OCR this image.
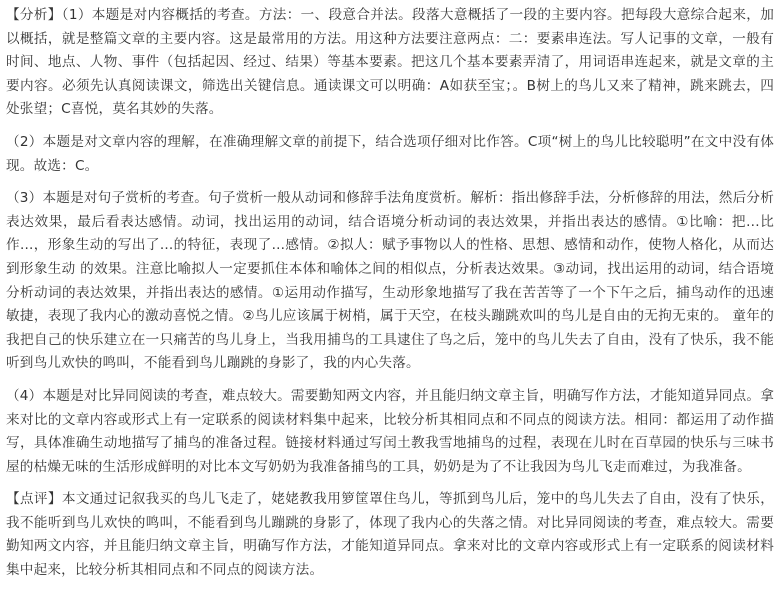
【分析】（1）本题是对内容概括的考查。方法：一、段意合并法。段落大意概括了一段的主要内容。把每段大意综合起来，加以概括，就是整篇文章的主要内容。这是最常用的方法。用这种方法要注意两点：二：要素串连法。写人记事的文章，一般有时间、地点、人物、事件（包括起因、经过、结果）等基本要素。把这几个基本要素弄清了，用词语串连起来，就是文章的主要内容。必须先认真阅读课文，筛选出关键信息。通读课文可以明确：A如获至宝；。B树上的鸟儿又来了精神，跳来跳去，四处张望；C喜悦，莫名其妙的失落。

（2）本题是对文章内容的理解，在准确理解文章的前提下，结合选项仔细对比作答。C项“树上的鸟儿比较聪明”在文中没有体现。故选：C。

（3）本题是对句子赏析的考查。句子赏析一般从动词和修辞手法角度赏析。解析：指出修辞手法，分析修辞的用法，然后分析表达效果，最后看表达感情。动词，找出运用的动词，结合语境分析动词的表达效果，并指出表达的感情。①比喻：把...比作...，形象生动的写出了...的特征，表现了...感情。②拟人：赋予事物以人的性格、思想、感情和动作，使物人格化，从而达到形象生动 的效果。注意比喻拟人一定要抓住本体和喻体之间的相似点，分析表达效果。③动词，找出运用的动词，结合语境分析动词的表达效果，并指出表达的感情。①运用动作描写，生动形象地描写了我在苦苦等了一个下午之后，捕鸟动作的迅速敏捷，表现了我内心的激动喜悦之情。②鸟儿应该属于树梢，属于天空，在枝头蹦跳欢叫的鸟儿是自由的无拘无束的。 童年的我把自己的快乐建立在一只痛苦的鸟儿身上，当我用捕鸟的工具逮住了鸟之后，笼中的鸟儿失去了自由，没有了快乐，我不能听到鸟儿欢快的鸣叫，不能看到鸟儿蹦跳的身影了，我的内心失落。

（4）本题是对比异同阅读的考查，难点较大。需要勤知两文内容，并且能归纳文章主旨，明确写作方法，才能知道异同点。拿来对比的文章内容或形式上有一定联系的阅读材料集中起来，比较分析其相同点和不同点的阅读方法。相同：都运用了动作描写，具体准确生动地描写了捕鸟的准备过程。链接材料通过写闰土教我雪地捕鸟的过程，表现在儿时在百草园的快乐与三味书屋的枯燥无味的生活形成鲜明的对比本文写奶奶为我准备捕鸟的工具，奶奶是为了不让我因为鸟儿飞走而难过，为我准备。

【点评】本文通过记叙我买的鸟儿飞走了，姥姥教我用箩筐罩住鸟儿，等抓到鸟儿后，笼中的鸟儿失去了自由，没有了快乐，我不能听到鸟儿欢快的鸣叫，不能看到鸟儿蹦跳的身影了，体现了我内心的失落之情。对比异同阅读的考查，难点较大。需要勤知两文内容，并且能归纳文章主旨，明确写作方法，才能知道异同点。拿来对比的文章内容或形式上有一定联系的阅读材料集中起来，比较分析其相同点和不同点的阅读方法。
